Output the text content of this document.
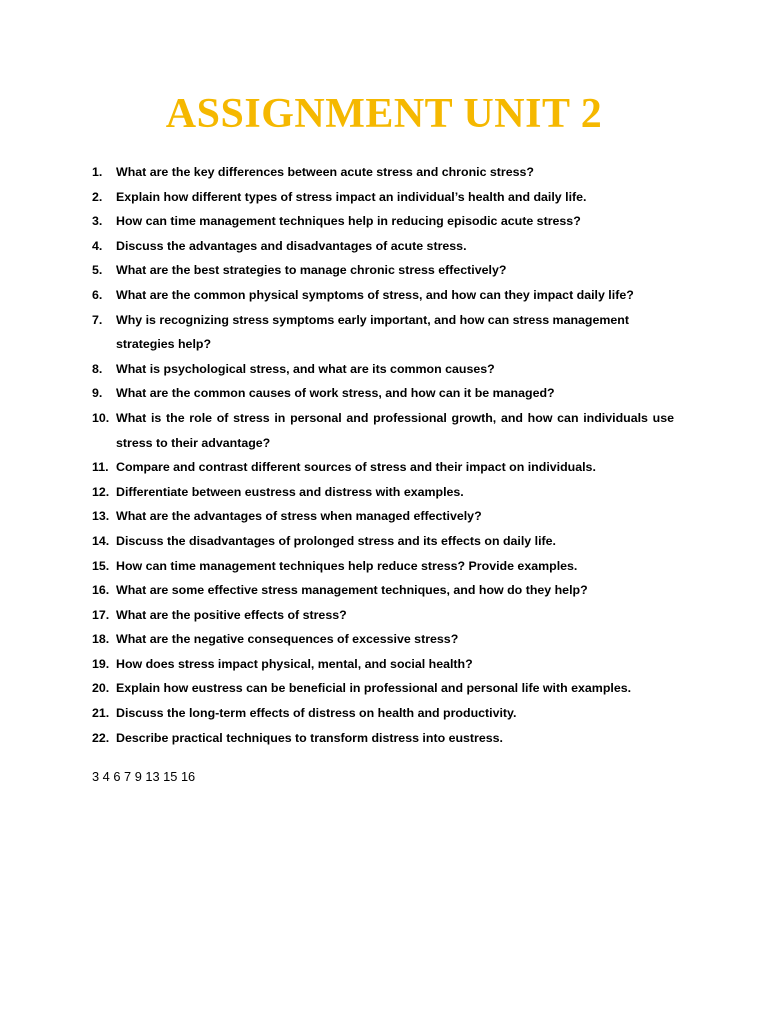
ASSIGNMENT UNIT 2
1.	What are the key differences between acute stress and chronic stress?
2.	Explain how different types of stress impact an individual’s health and daily life.
3.	How can time management techniques help in reducing episodic acute stress?
4.	Discuss the advantages and disadvantages of acute stress.
5.	What are the best strategies to manage chronic stress effectively?
6.	What are the common physical symptoms of stress, and how can they impact daily life?
7.	Why is recognizing stress symptoms early important, and how can stress management strategies help?
8.	What is psychological stress, and what are its common causes?
9.	What are the common causes of work stress, and how can it be managed?
10. What is the role of stress in personal and professional growth, and how can individuals use stress to their advantage?
11. Compare and contrast different sources of stress and their impact on individuals.
12. Differentiate between eustress and distress with examples.
13. What are the advantages of stress when managed effectively?
14. Discuss the disadvantages of prolonged stress and its effects on daily life.
15. How can time management techniques help reduce stress? Provide examples.
16. What are some effective stress management techniques, and how do they help?
17. What are the positive effects of stress?
18. What are the negative consequences of excessive stress?
19. How does stress impact physical, mental, and social health?
20. Explain how eustress can be beneficial in professional and personal life with examples.
21. Discuss the long-term effects of distress on health and productivity.
22. Describe practical techniques to transform distress into eustress.
3 4 6 7 9 13 15 16
